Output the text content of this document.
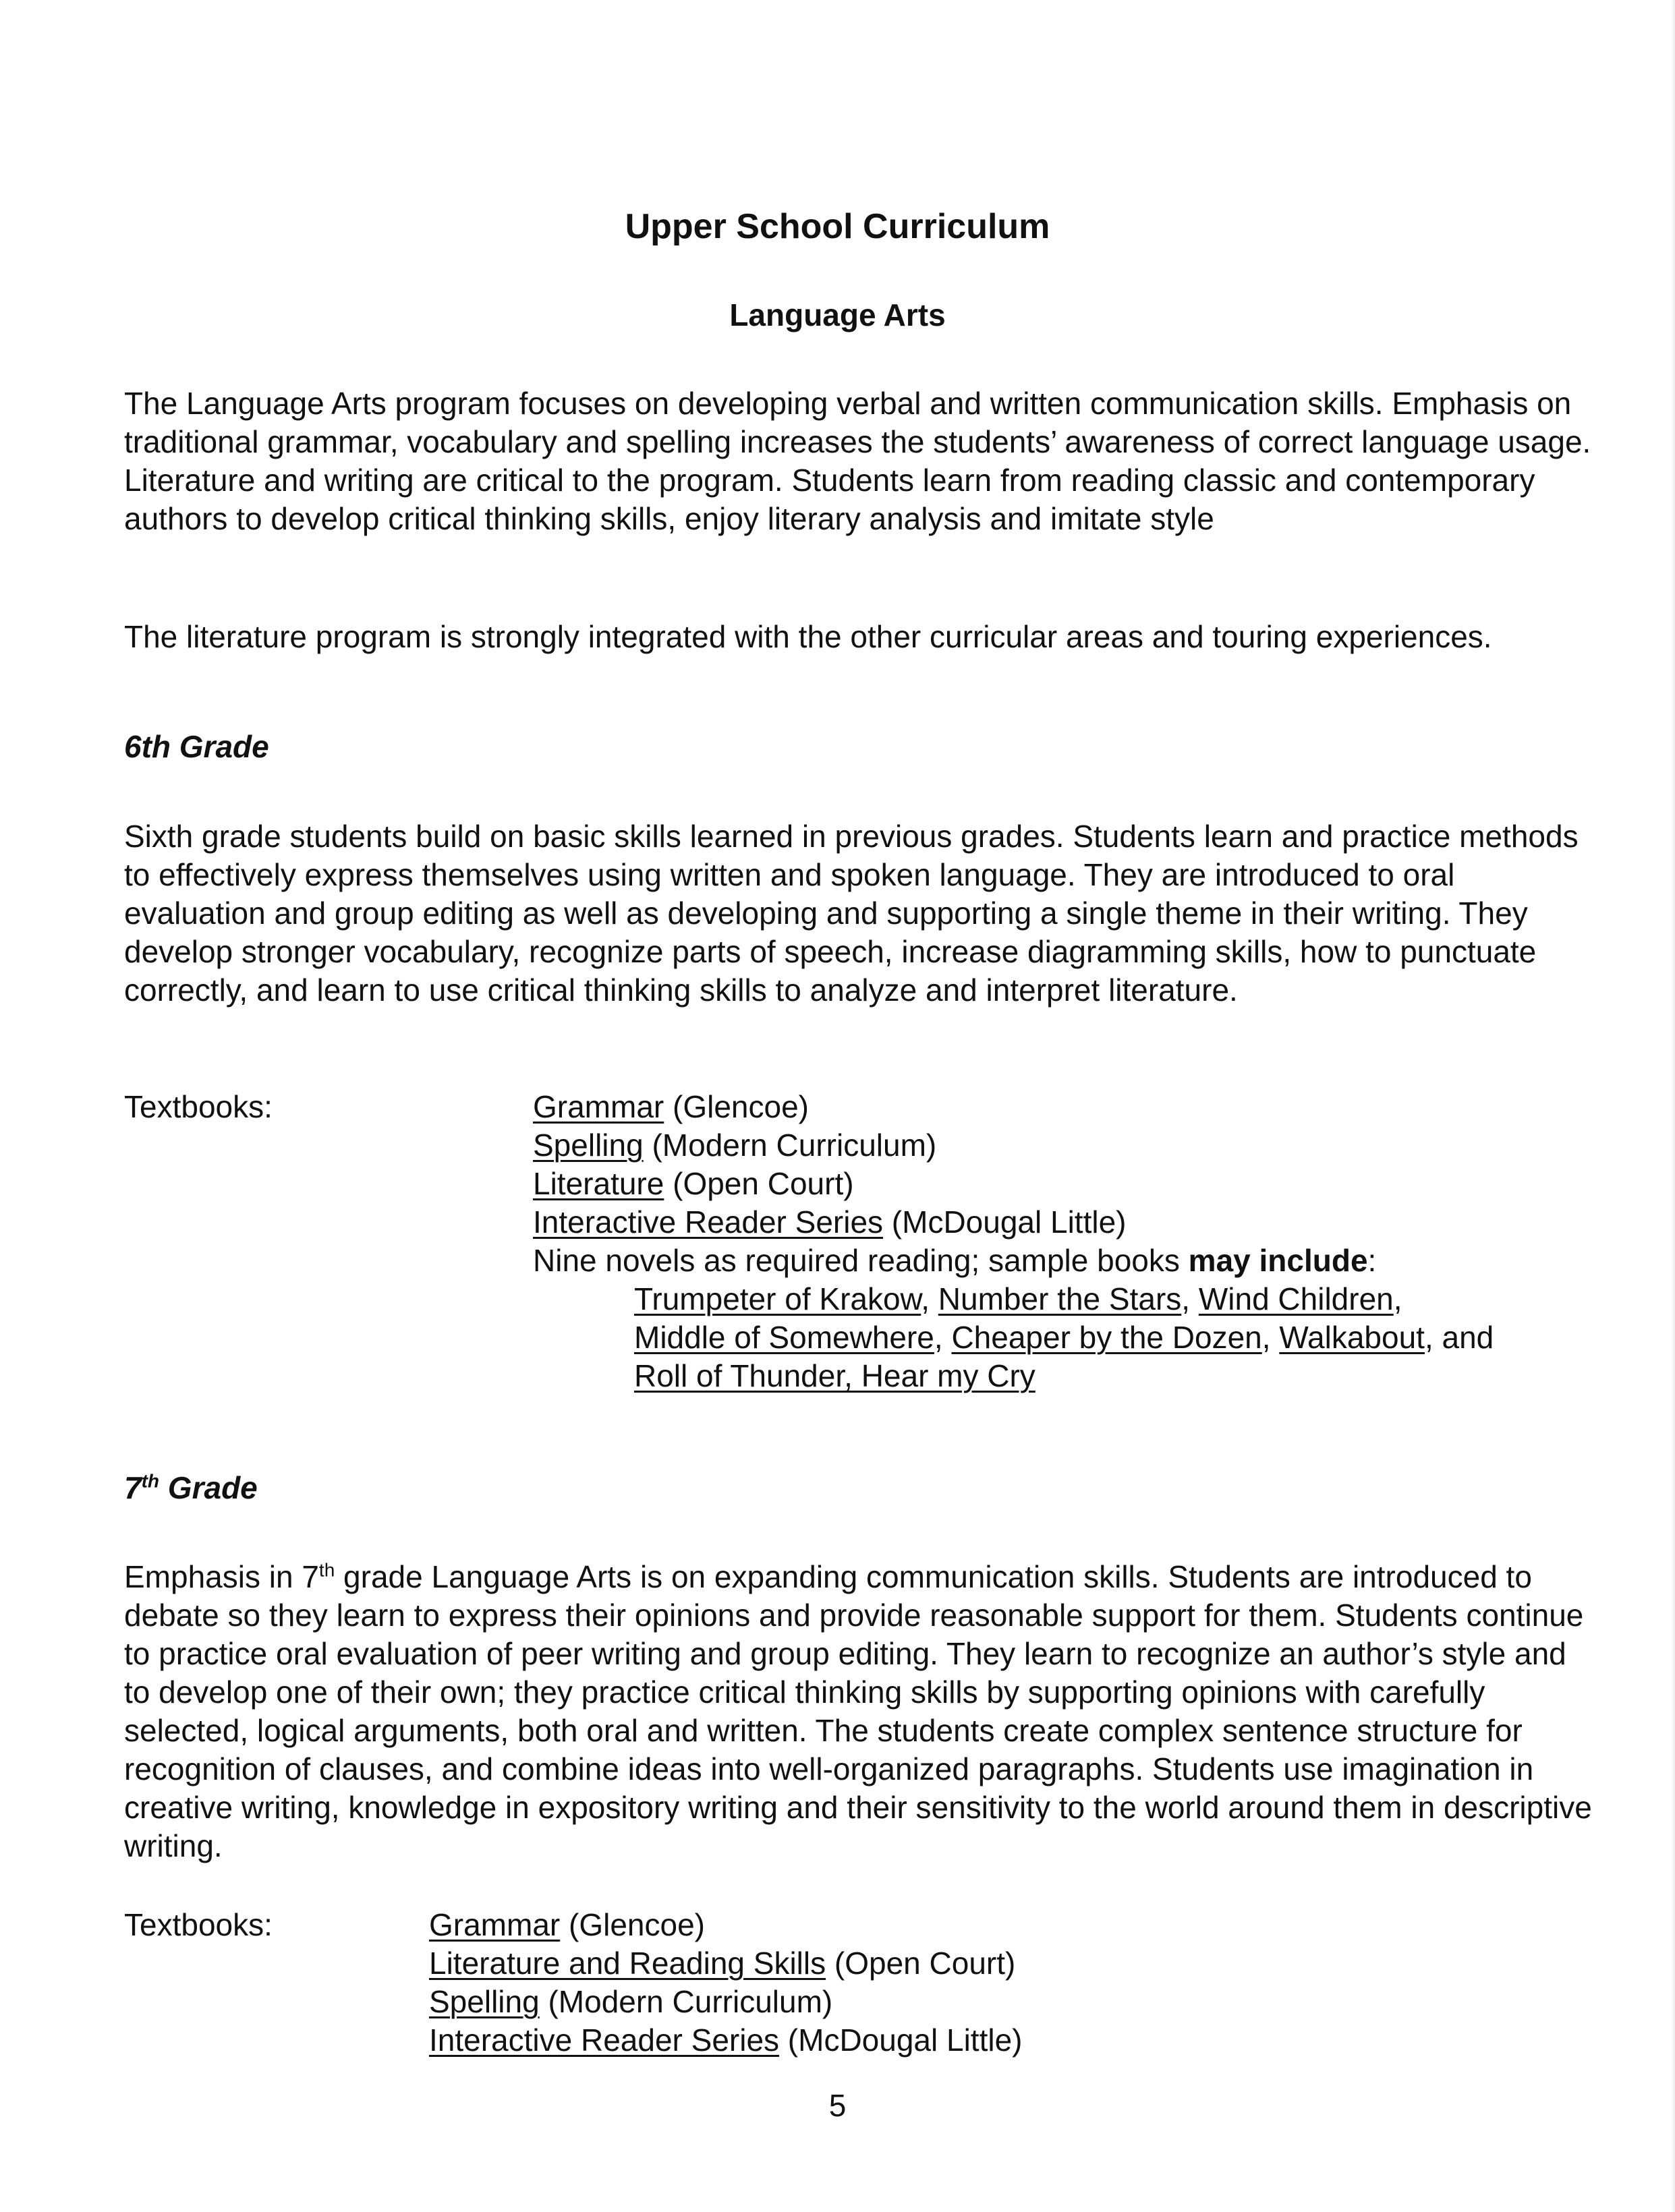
Upper School Curriculum
Language Arts

The Language Arts program focuses on developing verbal and written communication skills. Emphasis on traditional grammar, vocabulary and spelling increases the students’ awareness of correct language usage. Literature and writing are critical to the program. Students learn from reading classic and contemporary authors to develop critical thinking skills, enjoy literary analysis and imitate style

The literature program is strongly integrated with the other curricular areas and touring experiences.

6th Grade

Sixth grade students build on basic skills learned in previous grades. Students learn and practice methods to effectively express themselves using written and spoken language. They are introduced to oral evaluation and group editing as well as developing and supporting a single theme in their writing. They develop stronger vocabulary, recognize parts of speech, increase diagramming skills, how to punctuate correctly, and learn to use critical thinking skills to analyze and interpret literature.

Textbooks:	Grammar (Glencoe)
Spelling (Modern Curriculum)
Literature (Open Court)
Interactive Reader Series (McDougal Little)
Nine novels as required reading; sample books may include:
Trumpeter of Krakow, Number the Stars, Wind Children,
Middle of Somewhere, Cheaper by the Dozen, Walkabout, and
Roll of Thunder, Hear my Cry

7th Grade

Emphasis in 7th grade Language Arts is on expanding communication skills. Students are introduced to debate so they learn to express their opinions and provide reasonable support for them. Students continue to practice oral evaluation of peer writing and group editing. They learn to recognize an author’s style and to develop one of their own; they practice critical thinking skills by supporting opinions with carefully selected, logical arguments, both oral and written. The students create complex sentence structure for recognition of clauses, and combine ideas into well-organized paragraphs. Students use imagination in creative writing, knowledge in expository writing and their sensitivity to the world around them in descriptive writing.

Textbooks:	Grammar (Glencoe)
Literature and Reading Skills (Open Court)
Spelling (Modern Curriculum)
Interactive Reader Series (McDougal Little)
5
